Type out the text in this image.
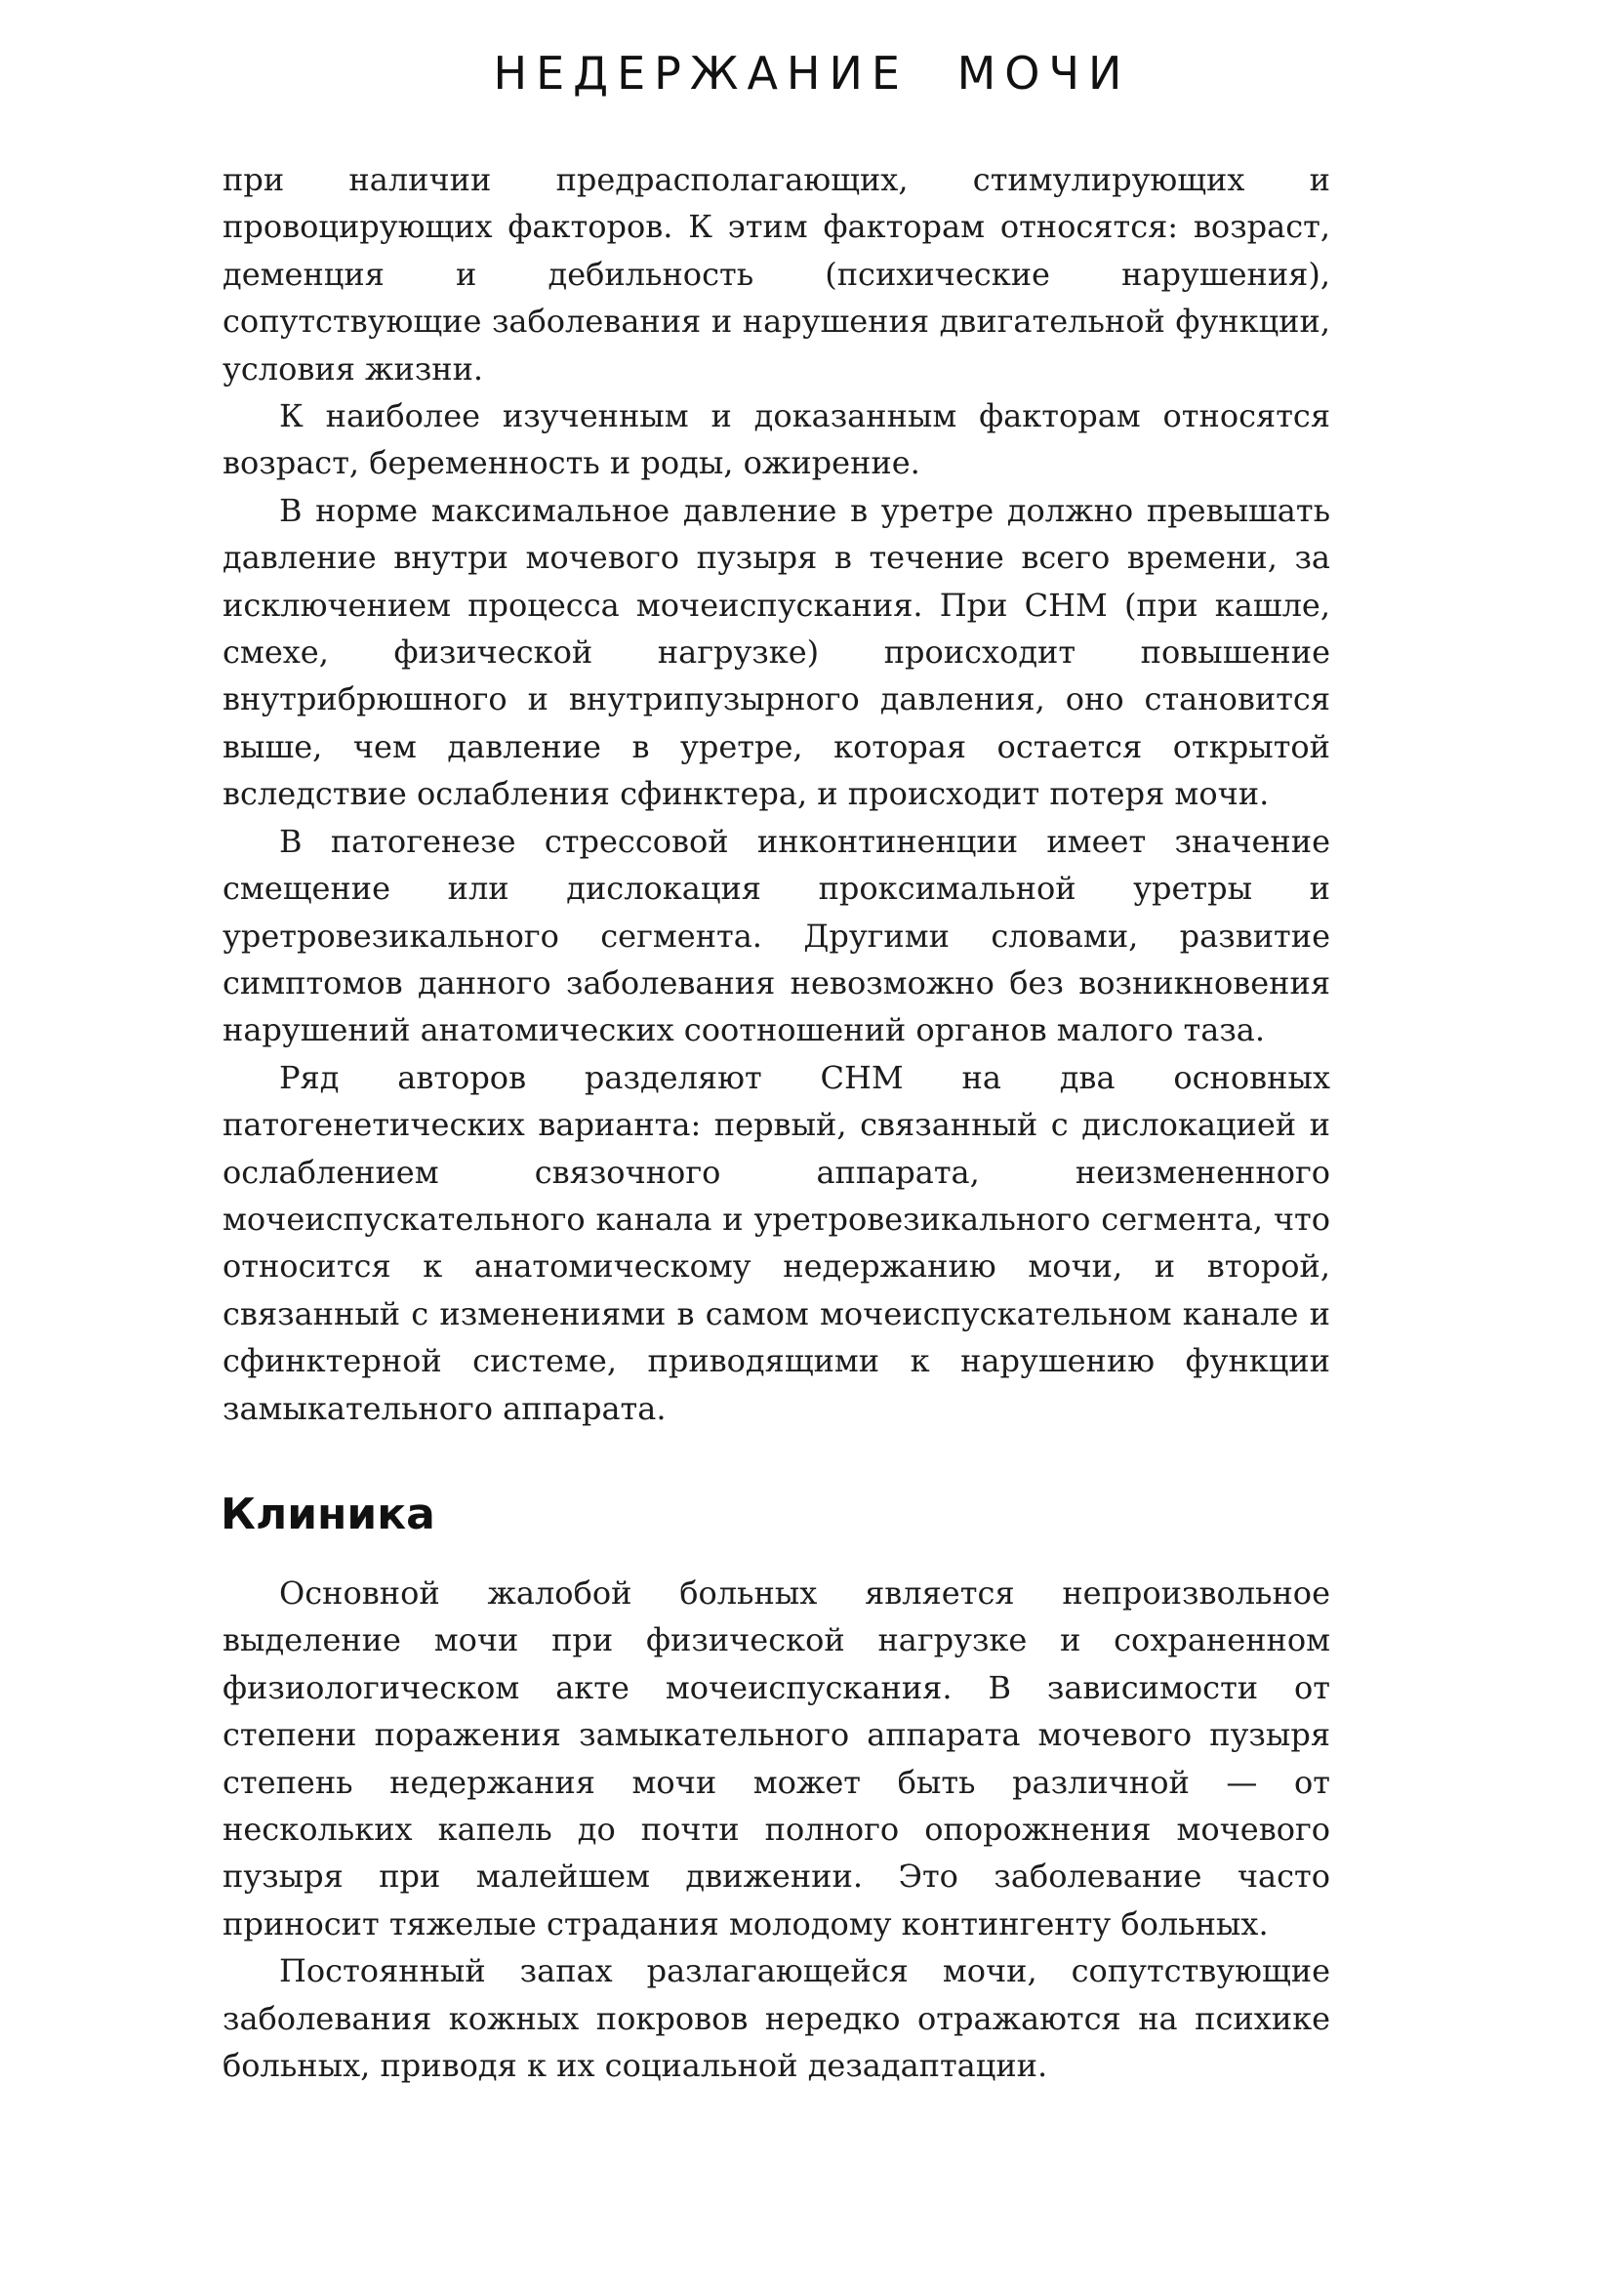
НЕДЕРЖАНИЕ МОЧИ

при наличии предрасполагающих, стимулирующих и провоцирующих факторов. К этим факторам относятся: возраст, деменция и дебильность (психические нарушения), сопутствующие заболевания и нарушения двигательной функции, условия жизни.

К наиболее изученным и доказанным факторам относятся возраст, беременность и роды, ожирение.

В норме максимальное давление в уретре должно превышать давление внутри мочевого пузыря в течение всего времени, за исключением процесса мочеиспускания. При СНМ (при кашле, смехе, физической нагрузке) происходит повышение внутрибрюшного и внутрипузырного давления, оно становится выше, чем давление в уретре, которая остается открытой вследствие ослабления сфинктера, и происходит потеря мочи.

В патогенезе стрессовой инконтиненции имеет значение смещение или дислокация проксимальной уретры и уретровезикального сегмента. Другими словами, развитие симптомов данного заболевания невозможно без возникновения нарушений анатомических соотношений органов малого таза.

Ряд авторов разделяют СНМ на два основных патогенетических варианта: первый, связанный с дислокацией и ослаблением связочного аппарата, неизмененного мочеиспускательного канала и уретровезикального сегмента, что относится к анатомическому недержанию мочи, и второй, связанный с изменениями в самом мочеиспускательном канале и сфинктерной системе, приводящими к нарушению функции замыкательного аппарата.

Клиника

Основной жалобой больных является непроизвольное выделение мочи при физической нагрузке и сохраненном физиологическом акте мочеиспускания. В зависимости от степени поражения замыкательного аппарата мочевого пузыря степень недержания мочи может быть различной — от нескольких капель до почти полного опорожнения мочевого пузыря при малейшем движении. Это заболевание часто приносит тяжелые страдания молодому контингенту больных.

Постоянный запах разлагающейся мочи, сопутствующие заболевания кожных покровов нередко отражаются на психике больных, приводя к их социальной дезадаптации.
